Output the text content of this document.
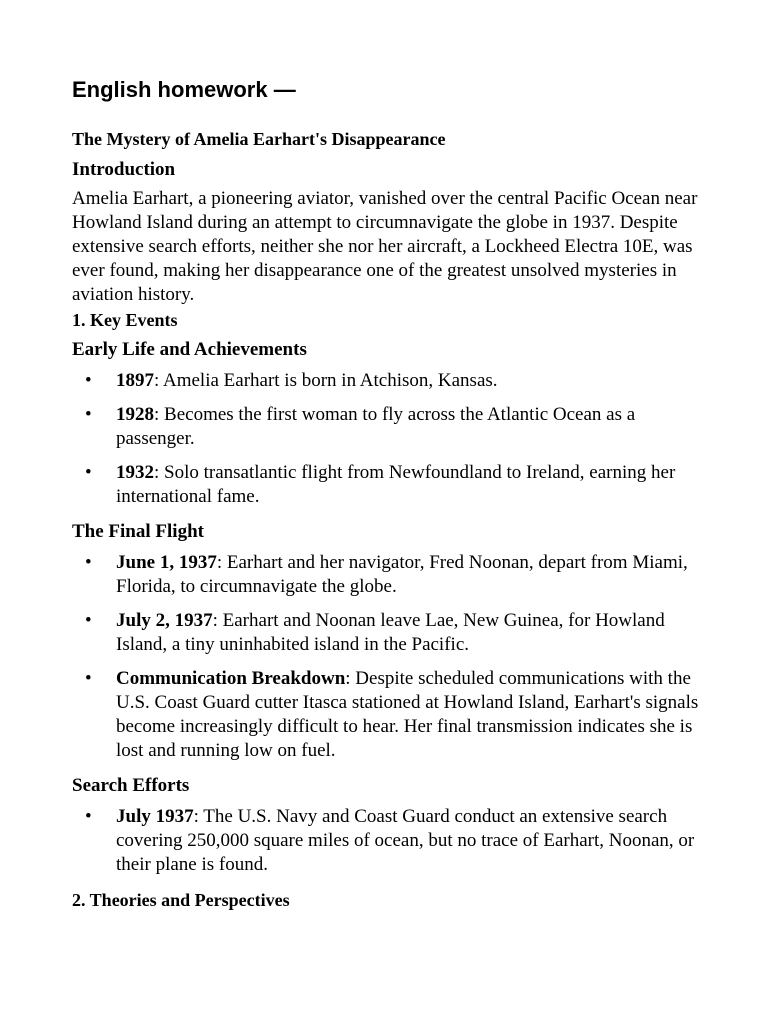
English homework —
The Mystery of Amelia Earhart's Disappearance
Introduction

Amelia Earhart, a pioneering aviator, vanished over the central Pacific Ocean near Howland Island during an attempt to circumnavigate the globe in 1937. Despite extensive search efforts, neither she nor her aircraft, a Lockheed Electra 10E, was ever found, making her disappearance one of the greatest unsolved mysteries in aviation history.

1. Key Events
Early Life and Achievements
• 1897: Amelia Earhart is born in Atchison, Kansas.
• 1928: Becomes the first woman to fly across the Atlantic Ocean as a passenger.
• 1932: Solo transatlantic flight from Newfoundland to Ireland, earning her international fame.
The Final Flight
• June 1, 1937: Earhart and her navigator, Fred Noonan, depart from Miami, Florida, to circumnavigate the globe.
• July 2, 1937: Earhart and Noonan leave Lae, New Guinea, for Howland Island, a tiny uninhabited island in the Pacific.
• Communication Breakdown: Despite scheduled communications with the U.S. Coast Guard cutter Itasca stationed at Howland Island, Earhart's signals become increasingly difficult to hear. Her final transmission indicates she is lost and running low on fuel.
Search Efforts
• July 1937: The U.S. Navy and Coast Guard conduct an extensive search covering 250,000 square miles of ocean, but no trace of Earhart, Noonan, or their plane is found.
2. Theories and Perspectives
